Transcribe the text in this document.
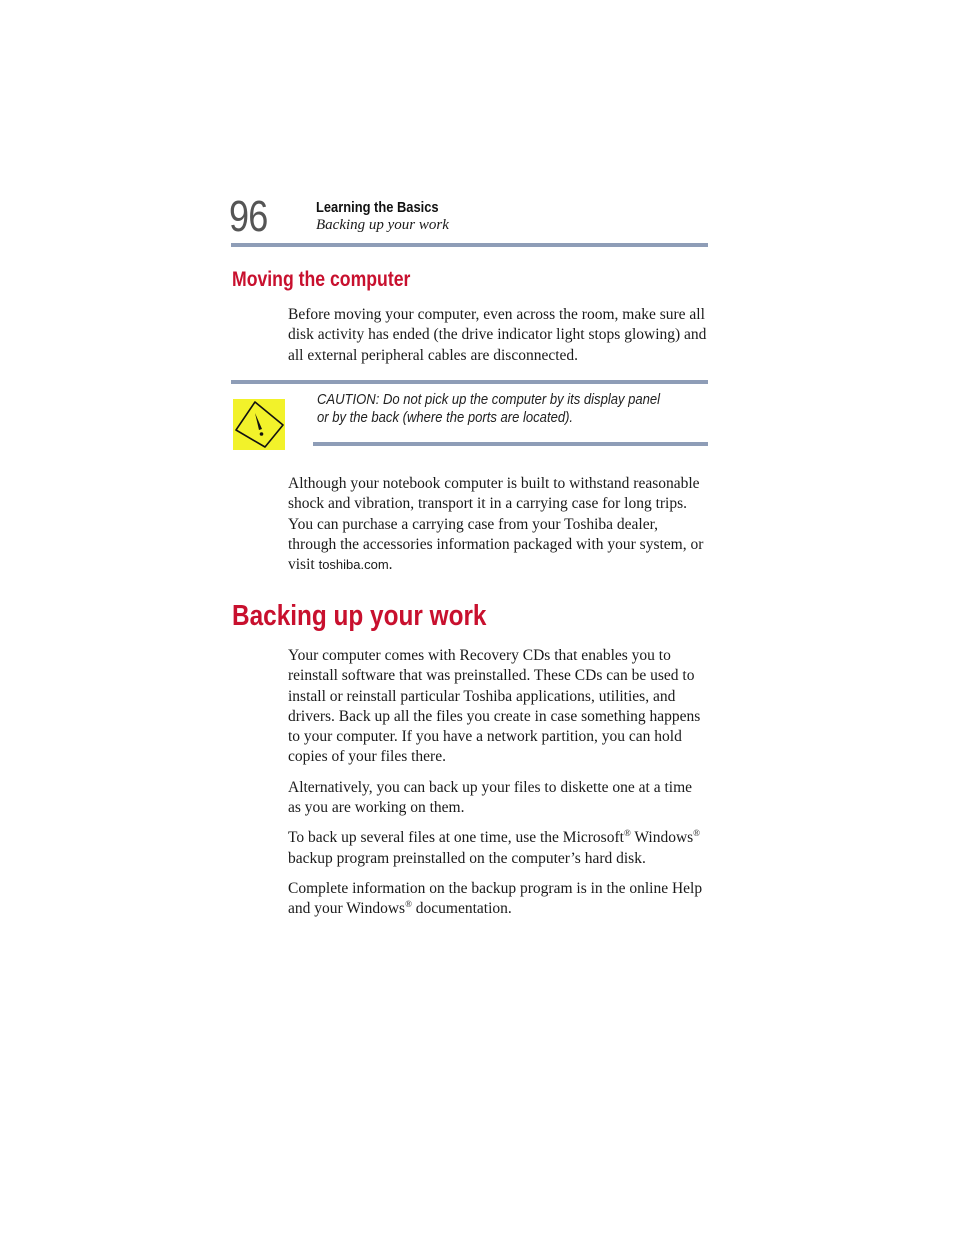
96	Learning the Basics
Backing up your work
Moving the computer

Before moving your computer, even across the room, make sure all disk activity has ended (the drive indicator light stops glowing) and all external peripheral cables are disconnected.

CAUTION: Do not pick up the computer by its display panel
or by the back (where the ports are located).

Although your notebook computer is built to withstand reasonable shock and vibration, transport it in a carrying case for long trips. You can purchase a carrying case from your Toshiba dealer, through the accessories information packaged with your system, or visit toshiba.com.

Backing up your work

Your computer comes with Recovery CDs that enables you to reinstall software that was preinstalled. These CDs can be used to install or reinstall particular Toshiba applications, utilities, and drivers. Back up all the files you create in case something happens to your computer. If you have a network partition, you can hold copies of your files there.

Alternatively, you can back up your files to diskette one at a time as you are working on them.

To back up several files at one time, use the Microsoft® Windows® backup program preinstalled on the computer’s hard disk.

Complete information on the backup program is in the online Help and your Windows® documentation.
